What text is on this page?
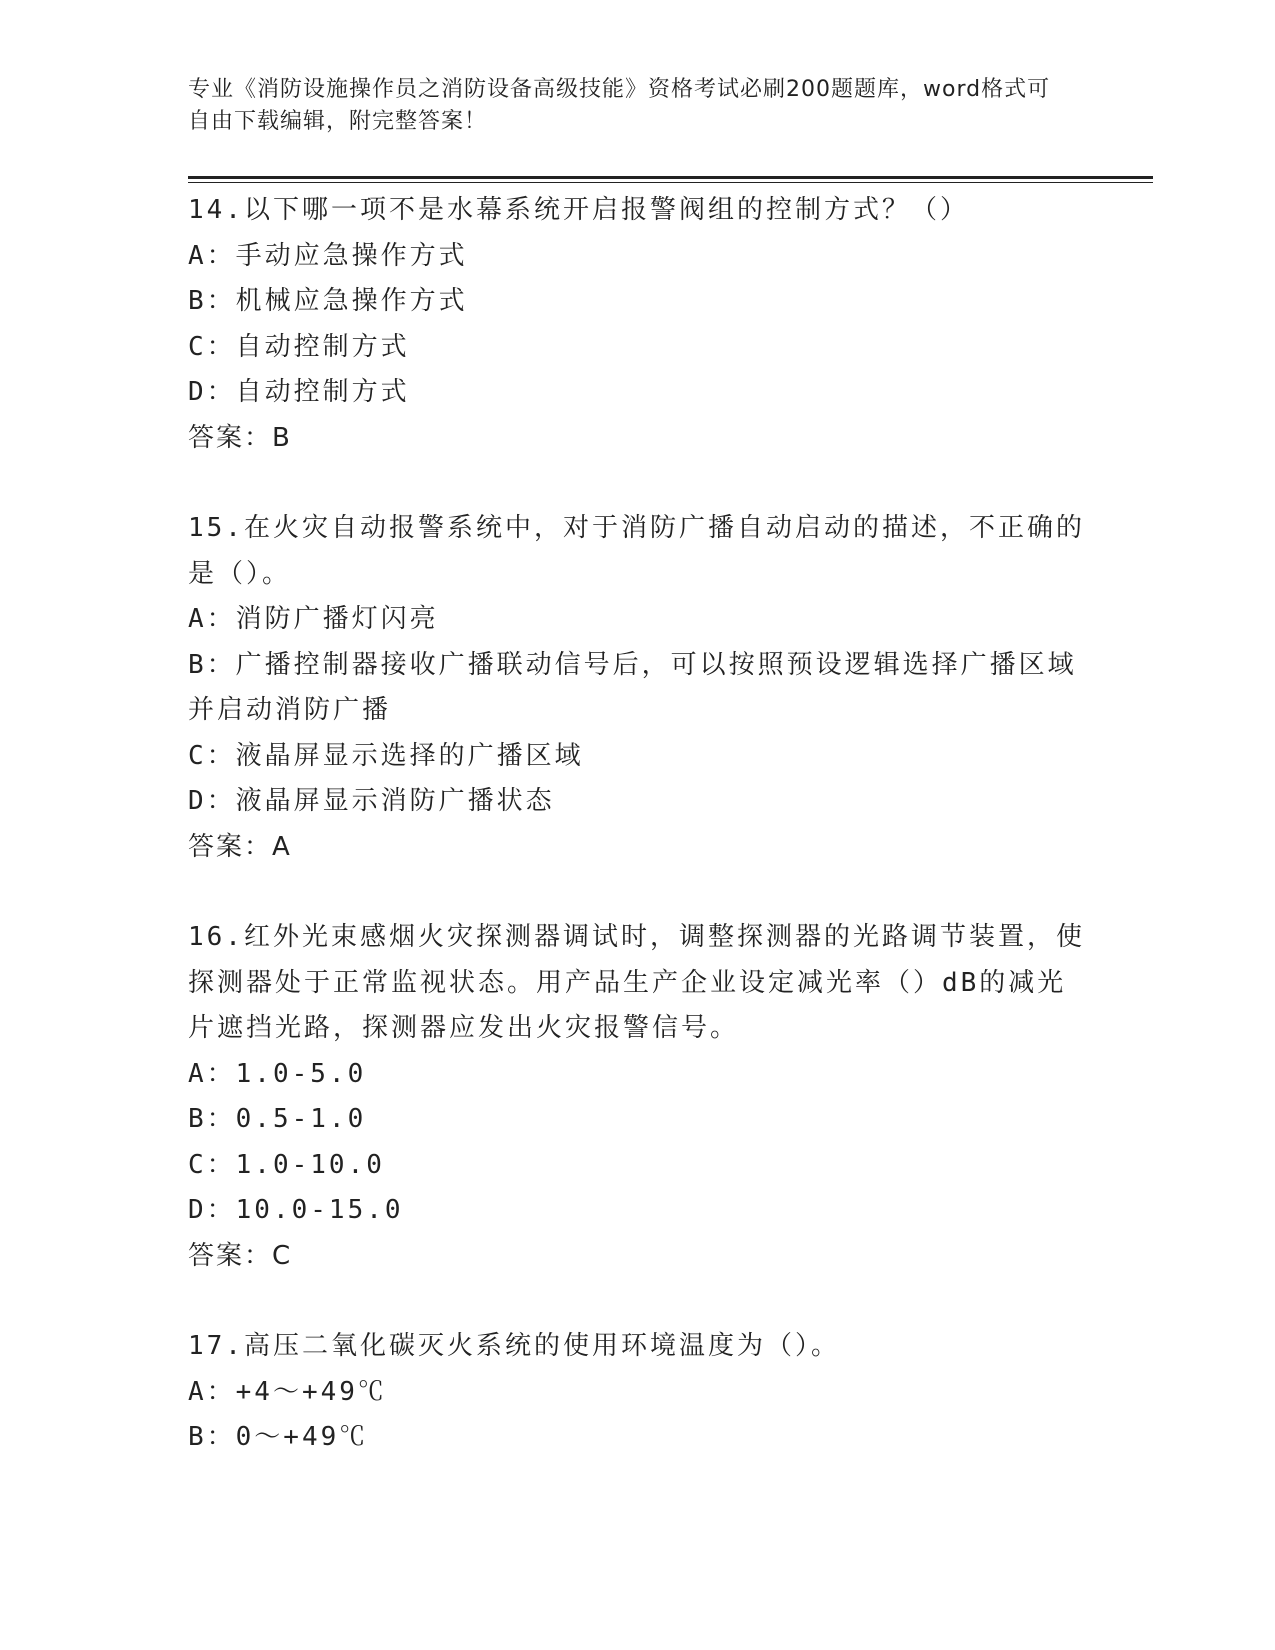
专业《消防设施操作员之消防设备高级技能》资格考试必刷200题题库，word格式可自由下载编辑，附完整答案！
14.以下哪一项不是水幕系统开启报警阀组的控制方式？（）
A：手动应急操作方式
B：机械应急操作方式
C：自动控制方式
D：自动控制方式
答案：B
15.在火灾自动报警系统中，对于消防广播自动启动的描述，不正确的是（）。
A：消防广播灯闪亮
B：广播控制器接收广播联动信号后，可以按照预设逻辑选择广播区域并启动消防广播
C：液晶屏显示选择的广播区域
D：液晶屏显示消防广播状态
答案：A
16.红外光束感烟火灾探测器调试时，调整探测器的光路调节装置，使探测器处于正常监视状态。用产品生产企业设定减光率（）dB的减光片遮挡光路，探测器应发出火灾报警信号。
A：1.0-5.0
B：0.5-1.0
C：1.0-10.0
D：10.0-15.0
答案：C
17.高压二氧化碳灭火系统的使用环境温度为（）。
A：+4～+49℃
B：0～+49℃
